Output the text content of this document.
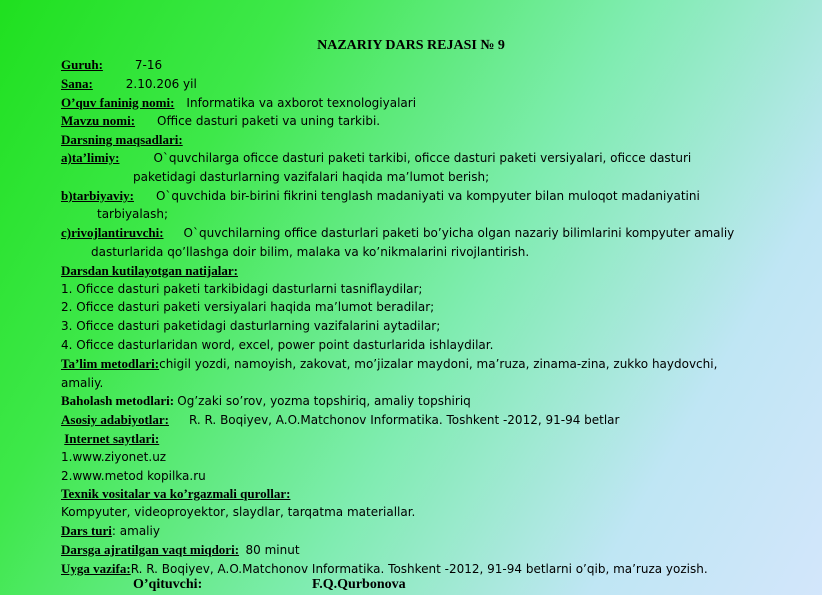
NAZARIY DARS REJASI № 9
Guruh:	7-16
Sana:	2.10.206 yil
O’quv faninig nomi: Informatika va axborot texnologiyalari
Mavzu nomi: Office dasturi paketi va uning tarkibi.
Darsning maqsadlari:
a)ta’limiy:	O`quvchilarga oficce dasturi paketi tarkibi, oficce dasturi paketi versiyalari, oficce dasturi
paketidagi dasturlarning vazifalari haqida ma’lumot berish;
b)tarbiyaviy: O`quvchida bir-birini fikrini tenglash madaniyati va kompyuter bilan muloqot madaniyatini
tarbiyalash;
c)rivojlantiruvchi: O`quvchilarning office dasturlari paketi bo’yicha olgan nazariy bilimlarini kompyuter amaliy
dasturlarida qo’llashga doir bilim, malaka va ko’nikmalarini rivojlantirish.
Darsdan kutilayotgan natijalar:
1. Oficce dasturi paketi tarkibidagi dasturlarni tasniflaydilar;
2. Oficce dasturi paketi versiyalari haqida ma’lumot beradilar;
3. Oficce dasturi paketidagi dasturlarning vazifalarini aytadilar;
4. Oficce dasturlaridan word, excel, power point dasturlarida ishlaydilar.
Ta’lim metodlari:chigil yozdi, namoyish, zakovat, mo’jizalar maydoni, ma’ruza, zinama-zina, zukko haydovchi,
amaliy.
Baholash metodlari: Og’zaki so’rov, yozma topshiriq, amaliy topshiriq
Asosiy adabiyotlar: R. R. Boqiyev, A.O.Matchonov Informatika. Toshkent -2012, 91-94 betlar
Internet saytlari:
1.www.ziyonet.uz
2.www.metod kopilka.ru
Texnik vositalar va ko’rgazmali qurollar:
Kompyuter, videoproyektor, slaydlar, tarqatma materiallar.
Dars turi: amaliy
Darsga ajratilgan vaqt miqdori: 80 minut
Uyga vazifa:R. R. Boqiyev, A.O.Matchonov Informatika. Toshkent -2012, 91-94 betlarni o’qib, ma’ruza yozish.
O’qituvchi:	F.Q.Qurbonova
